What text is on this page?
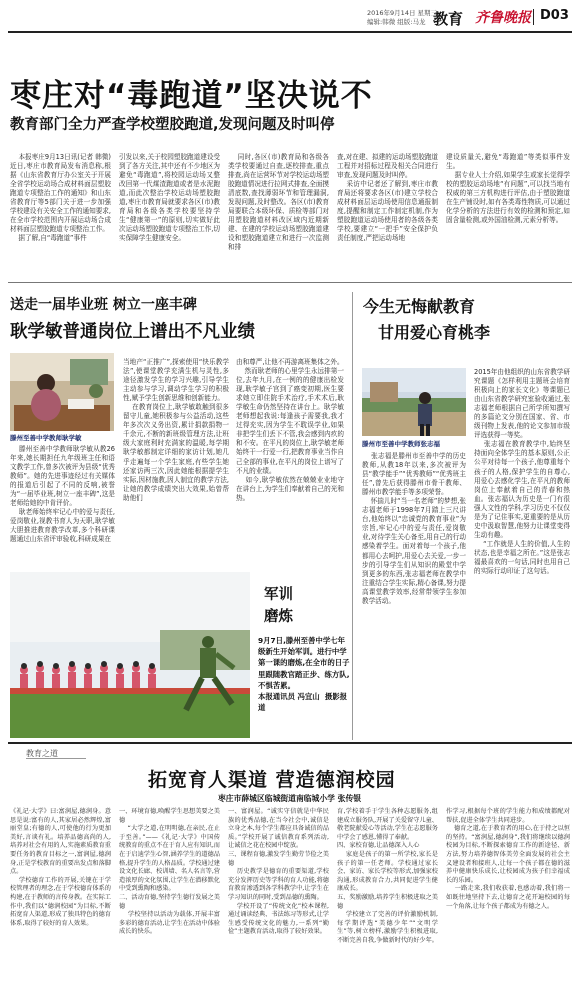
2016年9月14日 星期三
编辑:韩微 组版:马龙 教育 齐鲁晚报 D03
枣庄对“毒跑道”坚决说不
教育部门全力严查学校塑胶跑道,发现问题及时叫停
本报枣庄9月13日讯(记者 韩微) 近日,枣庄市教育局发布消息称,根据《山东省教育厅办公室关于开展全省学校运动场合成材料面层塑胶跑道专项整治工作的通知》和山东省教育厅等5部门关于进一步加强学校建设有关安全工作的通知要求,在全市学校范围内开展运动场合成材料面层塑胶跑道专项整治工作。
据了解,自“毒跑道”事件
引发以来,关于校园塑胶跑道建设受到了各方关注,其中还有不少地区为避免“毒跑道”,将校园运动场又整改回第一代煤渣跑道或者是水泥跑道,而此次整治学校运动场塑胶跑道,枣庄市教育局就要求各区(市)教育局和各级各类学校要坚持学生“健康第一”的原则,切实做好此次运动场塑胶跑道专项整治工作,切实保障学生健康安全。
同时,各区(市)教育局和各级各类学校要通过自查,逐校排查,重点排查,尚在运营环节对学校运动场塑胶跑道情况进行拉网式排查,全面摸清底数,查找薄弱环节和管理漏洞,发现问题,及时整改。各区(市)教育局要联合本级环保、质检等部门对用塑胶跑道材料改区域内近期新建、在建的学校运动场塑胶跑道建设和塑胶跑道建立和进行一次监测和排
查,对在建、拟建的运动场塑胶跑道工程并对招标过程及相关合同进行审查,发现问题及时叫停。
采访中记者还了解到,枣庄市教育局还将要求各区(市)建立学校合成材料面层运动场使用信息通报制度,提醒和制定工作制定机制,作为塑胶跑道运动场使用者的各级各类学校,要建立“一把手”安全保护负责任制度,严把运动场地
建设质量关,避免“毒跑道”等类似事件发生。
据专业人士介绍,如果学生或家长觉得学校的塑胶运动场地“有问题”,可以找当地有权威的第三方机构进行评估,由于塑胶跑道在生产铺设时,如有各类毒性物质,可以通过化学分析的方法进行有效的检测和预定,如固含量检测,或外国油检测,元素分析等。
送走一届毕业班 树立一座丰碑
耿学敏普通岗位上谱出不凡业绩
滕州至善中学教师耿学敏
滕州至善中学教师耿学敏从教26年来,她长期担任九年级班主任和语文教学工作,曾多次被评为县级“优秀教师”。她的先进事迹经过有关媒体的报道后引起了不同的反响,被誉为“一届毕业班,树立一座丰碑”,这是老师给她的中肯评价。
耿老师始终牢记心中的爱与责任,爱岗敬业,视教书育人为天职,耿学敏大胆推进教育教学改革,多个科研课题通过山东省评审验收,科研成果在
当地产“正推广”,探索使用“快乐教学法”,使课堂教学充满生机与灵性,多途径激发学生的学习兴趣,引导学生主动参与学习,调动学生学习的积极性,赋予学生创新思维和创新能力。
在教育岗位上,耿学敏敢触到很多留守儿童,她积极参与公益活动,这些年多次次义务出资,累计捐款捐物一千余元,不断的新班级管理方法,让班级大家庭利时充满家的温暖,每学期耿学敏都制定详细的家访计划,她几乎走遍每一个学生家庭,有些学生她还家访两三次,因此她能根据提学生实际,因材施教,因人制宜的教学方法,让她的教学成绩突出大效果,始曾帮助他们
由和尊严,让他不再游离班集体之外。
然而耿老师的心里学生永远排第一位,去年九月,在一例的的健康出检发现,耿学敏子宫到了癌变初期,医生要求她立即住院手术治疗,手术术后,耿学敏生命仍然坚持在讲台上。耿学敏老师想起我说:每逢孩子需要我,我才过得充实,因为学生不耽误学业,如果非把学生们丢下不管,我会感到内疚的和不安。在平凡的岗位上,耿学敏老师始终干一行爱一行,把教育事业当作自己全部的事业,在平凡的岗位上谱写了不凡的业绩。
如今,耿学敏依然在兢兢业业地守在讲台上,为学生们奉献着自己的光和热。
今生无悔献教育
甘用爱心育桃李
滕州市至善中学教师张志福
张志福是滕州市至善中学的历史教师,从教18年以来,多次被评为县“教学能手”“优秀教师”“优秀班主任”,曾先后获得滕州市骨干教师、滕州市教学能手等多项荣誉。
怀揣儿时“当一名老师”的梦想,张志福老师于1998年7月踏上三尺讲台,他始终以“忠诚党的教育事业”为宗旨,牢记心中的爱与责任,爱岗敬业,对待学生关心备至,用自己的行动感染着学生。面对着每一个孩子,他都用心去呵护,用爱心去关爱,一步一步的引导学生们从知识的殿堂中学到更多的东西,张志福老师在教学中注重结合学生实际,精心备课,努力提高课堂教学效率,经常带领学生参加教学活动。
2015年由他组织的山东省教学研究课题《怎样利用主题班会培育积极向上的家长文化》等课题已由山东省教学研究室验收通过,张志福老师根据自己所学所知撰写的多篇论文分别在国家、省、市级刊物上发表,他的论文参加市级评选获得一等奖。
张志福在教育教学中,始终坚持面向全体学生的基本原则,公正公平对待每一个孩子,他尊重每个孩子的人格,保护学生的自尊心,用爱心去感化学生,在平凡的教师岗位上奉献着自己的青春和热血。张志福认为历史是一门有很强人文性的学科,学习历史不仅仅是为了记住事实,更重要的是从历史中汲取智慧,他努力让课堂变得生动有趣。
“工作就是人生的价值,人生的状态,也是幸福之所在。”这是张志福最喜欢的一句话,同时也用自己的实际行动印证了这句话。
军训
磨炼
9月7日,滕州至善中学七年级新生开始军训。进行中学第一课的磨炼,在全市的日子里跟随教官踏正步、练方队,不惧苦累。
本报通讯员 冯宜山  摄影报道
教育之道
拓宽育人渠道 营造德润校园
枣庄市薛城区临城街道南临城小学 张传银
《礼记·大学》曰:富润屋,德润身。意思是说:富有的人,其家居必然辉煌,富丽堂皇;有德的人,可使他的行为更加美好,言谈有礼。培养品德高尚的人,培养对社会有用的人,实施素质教育重要任务的教育目标之一,富润屋,德润身,正是学校教育的重要出发点和落脚点。
学校德育工作的开展,关键在于学校管理者的理念,在于学校德育体系的构建,在于教师的言传身教。在实际工作中,我们以“德润校园”为目标,不断拓宽育人渠道,形成了独具特色的德育体系,取得了较好的育人效果。
一、环境育德,唤醒学生思想美要之美德
“大学之道,在明明德,在亲民,在止于至善。”——《礼记·大学》中国传统教育的重点不在于育人应有知识,而在于启迪学生心智,涵养学生的道德品格,提升学生的人格品质。学校通过建设文化长廊、校训墙、名人名言等,营造浓厚的文化氛围,让学生在潜移默化中受到熏陶和感染。
二、活动育德,坚持学生德行发展之美德
学校坚持以活动为载体,开展丰富多彩的德育活动,让学生在活动中体验成长的快乐。
一、富润屋。“诚实守信就是中华民族的优秀品德,在当今社会中,诚信是立身之本,每个学生都应具备诚信的品质。”学校开展了诚信教育系列活动,让诚信之花在校园中绽放。
三、课程育德,激发学生勤劳节俭之美德
历史教学是德育的重要渠道,学校充分发挥历史等学科的育人功能,将德育教育渗透到各学科教学中,让学生在学习知识的同时,受到品德的熏陶。
学校开设了“传统文化”校本课程,通过诵读经典、书法练习等形式,让学生感受传统文化的魅力,一系列“勤俭”主题教育活动,取得了较好效果。
育,学校着手于学生各种志愿服务,组建成立服务队,开展了关爱留守儿童、敬老院献爱心等活动,学生在志愿服务中学会了感恩,懂得了奉献。
四、家校育德,让品德深入人心
家庭是孩子的第一所学校,家长是孩子的第一任老师。学校通过家长会、家访、家长学校等形式,加强家校沟通,形成教育合力,共同促进学生健康成长。
五、奖励激励,培养学生积极进取之美德
学校建立了完善的评价激励机制,每学期评选“美德少年”“文明学生”等,树立榜样,激励学生积极进取,不断完善自我,争做新时代的好少年。
作学习,根据每个班的学生能力和成绩都配对帮扶,促进全体学生共同进步。
德育之道,在于教育者的用心,在于持之以恒的坚持。“富润屋,德润身”,我们将继续以德润校园为目标,不断探索德育工作的新途径、新方法,努力培养德智体美劳全面发展的社会主义建设者和接班人,让每一个孩子都在德的滋养中健康快乐成长,让校园成为孩子们幸福成长的乐园。
一路走来,我们收获着,也感动着,我们将一如既往地坚持下去,让德育之花开遍校园的每一个角落,让每个孩子都成为有德之人。
